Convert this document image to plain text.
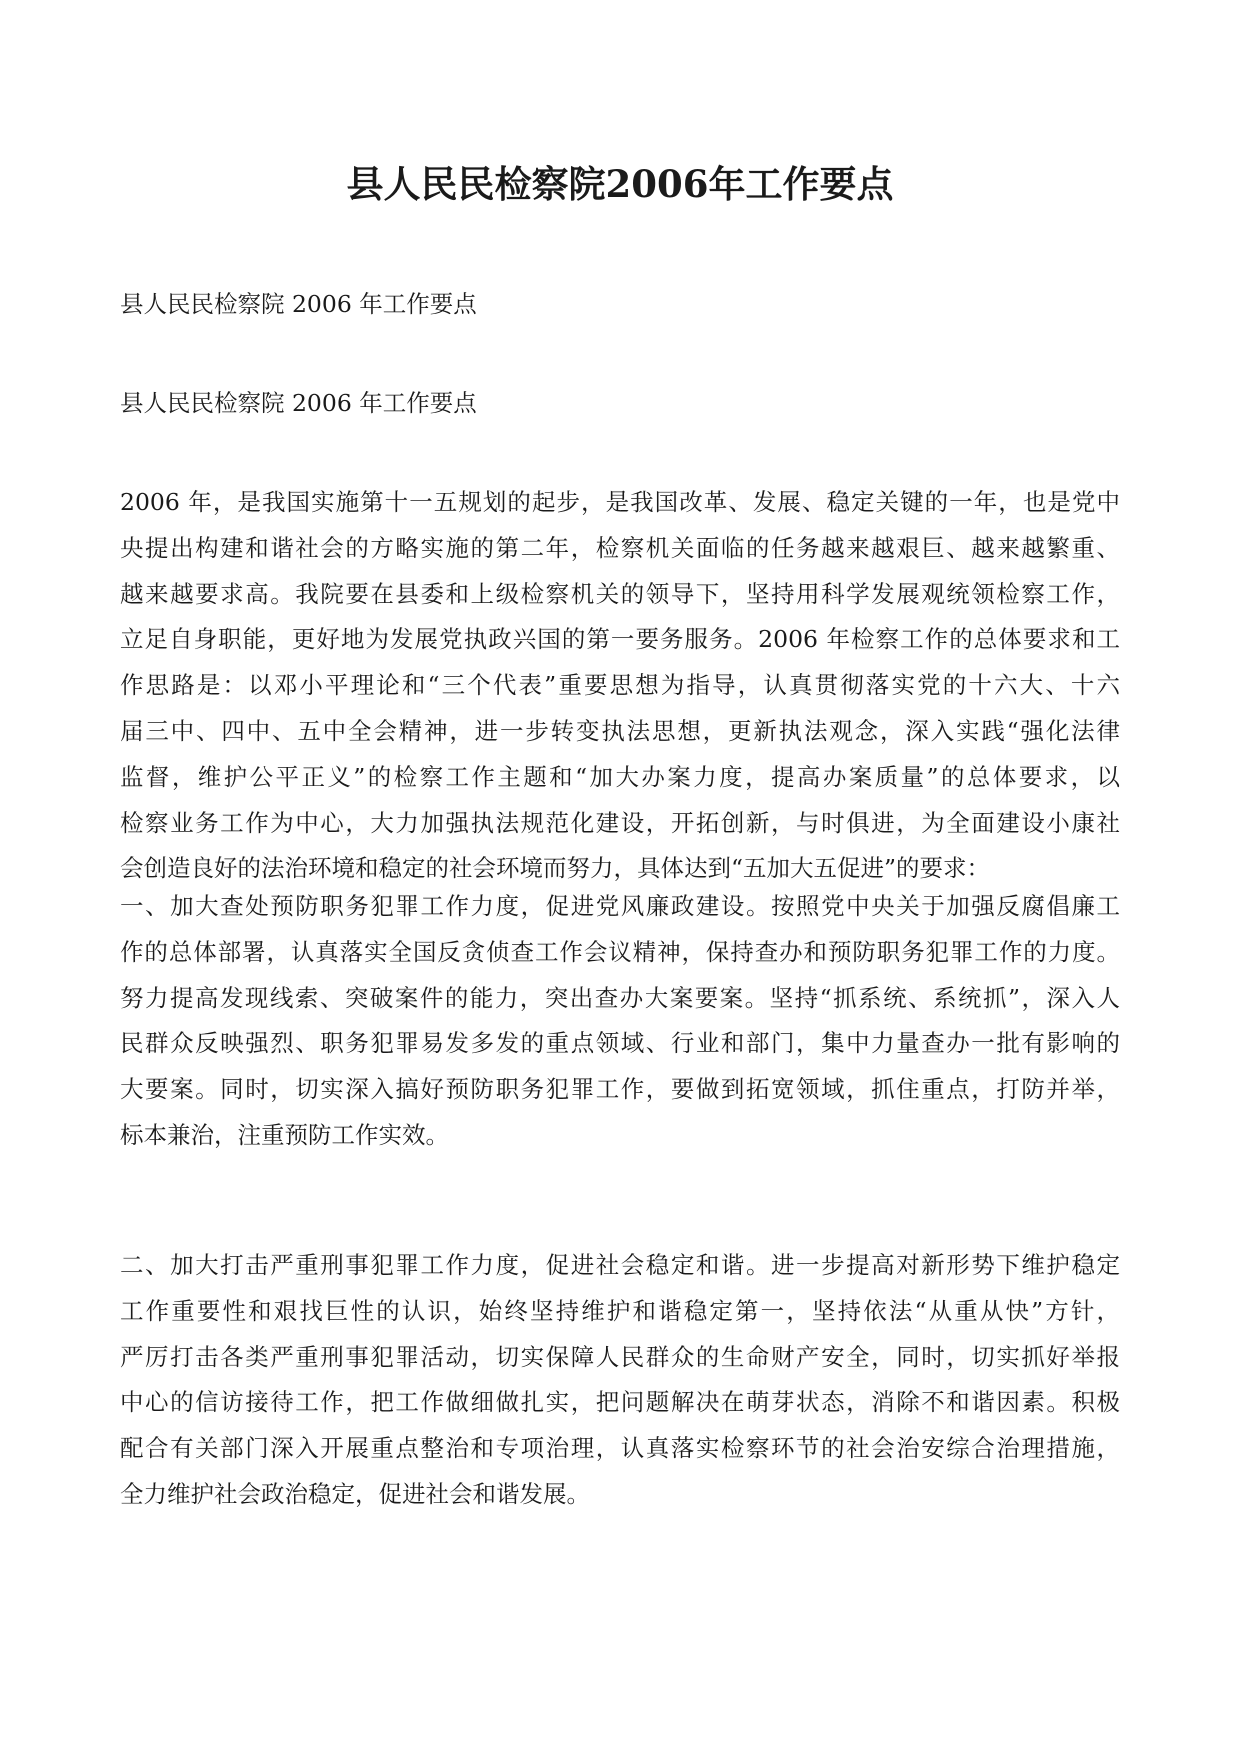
县人民民检察院2006年工作要点

县人民民检察院 2006 年工作要点

县人民民检察院 2006 年工作要点

2006 年，是我国实施第十一五规划的起步，是我国改革、发展、稳定关键的一年，也是党中
央提出构建和谐社会的方略实施的第二年，检察机关面临的任务越来越艰巨、越来越繁重、
越来越要求高。我院要在县委和上级检察机关的领导下，坚持用科学发展观统领检察工作，
立足自身职能，更好地为发展党执政兴国的第一要务服务。2006 年检察工作的总体要求和工
作思路是：以邓小平理论和“三个代表”重要思想为指导，认真贯彻落实党的十六大、十六
届三中、四中、五中全会精神，进一步转变执法思想，更新执法观念，深入实践“强化法律
监督，维护公平正义”的检察工作主题和“加大办案力度，提高办案质量”的总体要求，以
检察业务工作为中心，大力加强执法规范化建设，开拓创新，与时俱进，为全面建设小康社
会创造良好的法治环境和稳定的社会环境而努力，具体达到“五加大五促进”的要求：
一、加大查处预防职务犯罪工作力度，促进党风廉政建设。按照党中央关于加强反腐倡廉工
作的总体部署，认真落实全国反贪侦查工作会议精神，保持查办和预防职务犯罪工作的力度。
努力提高发现线索、突破案件的能力，突出查办大案要案。坚持“抓系统、系统抓”，深入人
民群众反映强烈、职务犯罪易发多发的重点领域、行业和部门，集中力量查办一批有影响的
大要案。同时，切实深入搞好预防职务犯罪工作，要做到拓宽领域，抓住重点，打防并举，
标本兼治，注重预防工作实效。
二、加大打击严重刑事犯罪工作力度，促进社会稳定和谐。进一步提高对新形势下维护稳定
工作重要性和艰找巨性的认识，始终坚持维护和谐稳定第一，坚持依法“从重从快”方针，
严厉打击各类严重刑事犯罪活动，切实保障人民群众的生命财产安全，同时，切实抓好举报
中心的信访接待工作，把工作做细做扎实，把问题解决在萌芽状态，消除不和谐因素。积极
配合有关部门深入开展重点整治和专项治理，认真落实检察环节的社会治安综合治理措施，
全力维护社会政治稳定，促进社会和谐发展。
